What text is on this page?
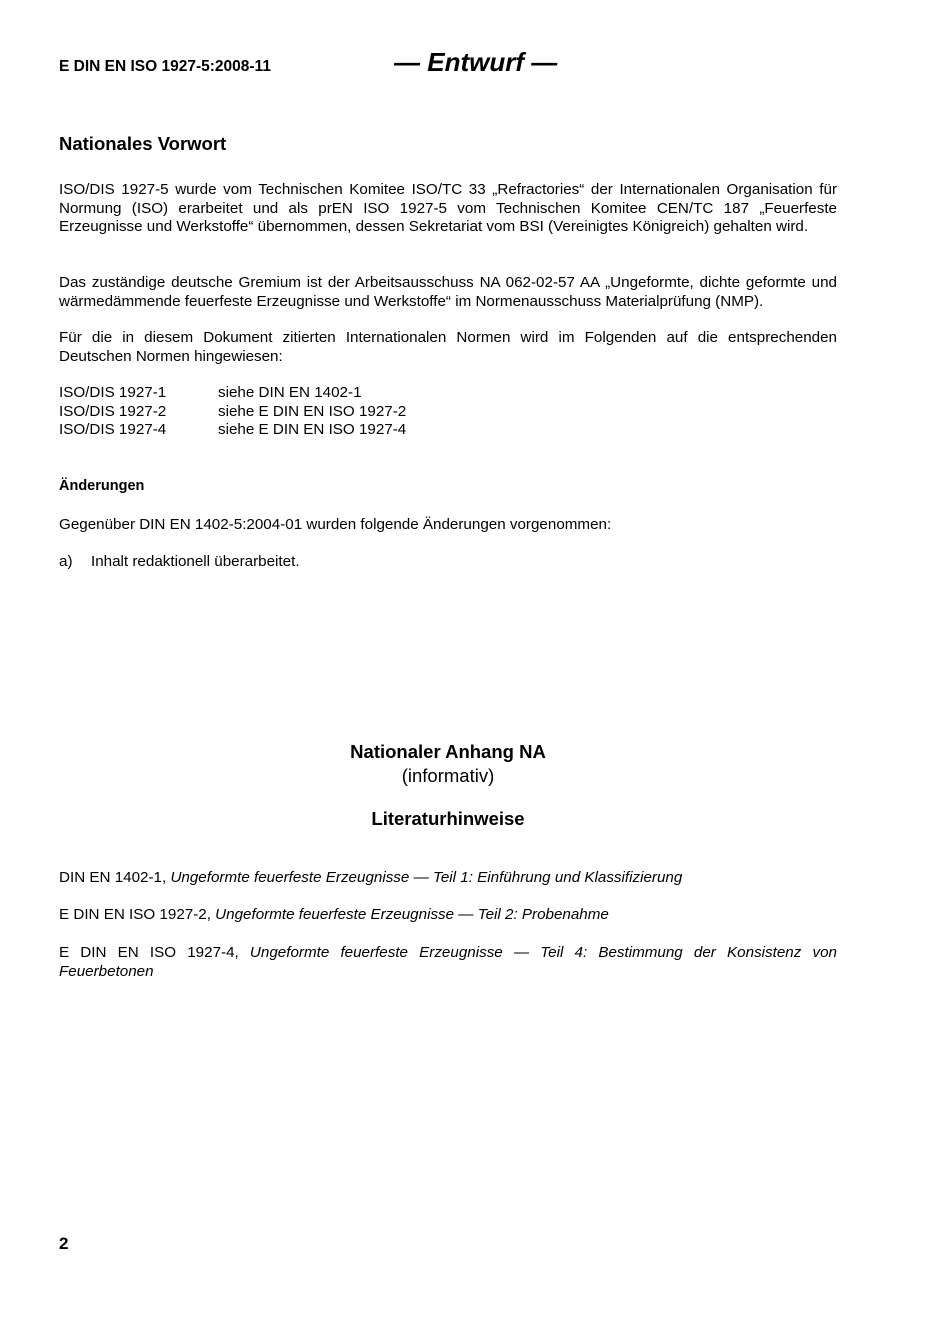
E DIN EN ISO 1927-5:2008-11	— Entwurf —
Nationales Vorwort

ISO/DIS 1927-5 wurde vom Technischen Komitee ISO/TC 33 „Refractories“ der Internationalen Organisation für Normung (ISO) erarbeitet und als prEN ISO 1927-5 vom Technischen Komitee CEN/TC 187 „Feuerfeste Erzeugnisse und Werkstoffe“ übernommen, dessen Sekretariat vom BSI (Vereinigtes Königreich) gehalten wird.

Das zuständige deutsche Gremium ist der Arbeitsausschuss NA 062-02-57 AA „Ungeformte, dichte geformte und wärmedämmende feuerfeste Erzeugnisse und Werkstoffe“ im Normenausschuss Materialprüfung (NMP).

Für die in diesem Dokument zitierten Internationalen Normen wird im Folgenden auf die entsprechenden Deutschen Normen hingewiesen:

ISO/DIS 1927-1	siehe DIN EN 1402-1
ISO/DIS 1927-2	siehe E DIN EN ISO 1927-2
ISO/DIS 1927-4	siehe E DIN EN ISO 1927-4
Änderungen

Gegenüber DIN EN 1402-5:2004-01 wurden folgende Änderungen vorgenommen:

a) Inhalt redaktionell überarbeitet.
Nationaler Anhang NA
(informativ)
Literaturhinweise

DIN EN 1402-1, Ungeformte feuerfeste Erzeugnisse — Teil 1: Einführung und Klassifizierung

E DIN EN ISO 1927-2, Ungeformte feuerfeste Erzeugnisse — Teil 2: Probenahme

E DIN EN ISO 1927-4, Ungeformte feuerfeste Erzeugnisse — Teil 4: Bestimmung der Konsistenz von Feuerbetonen

2
